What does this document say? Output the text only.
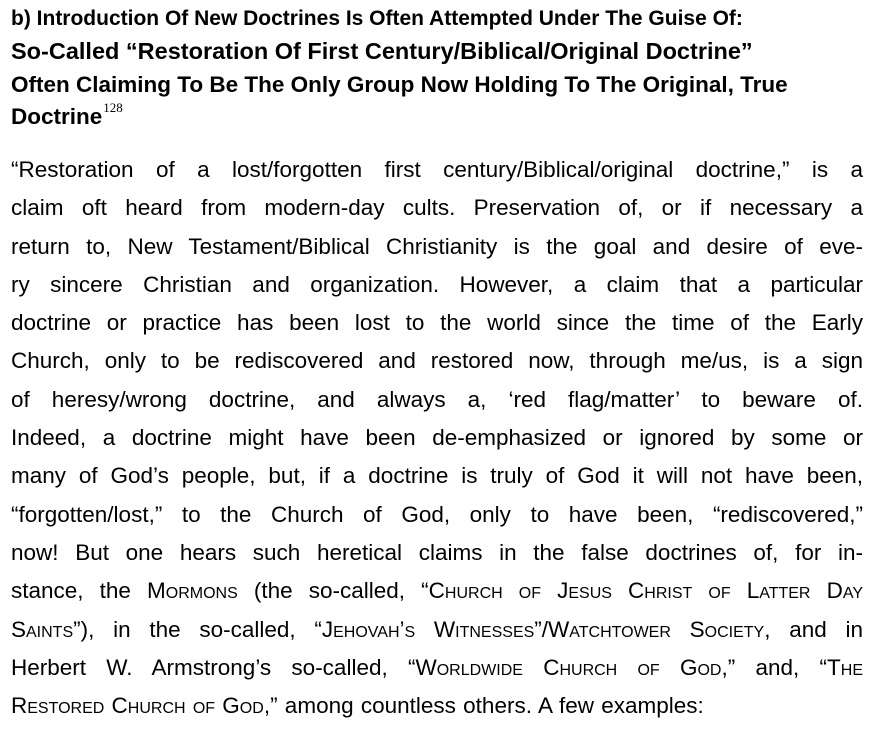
b) Introduction Of New Doctrines Is Often Attempted Under The Guise Of:
So-Called “Restoration Of First Century/Biblical/Original Doctrine”
Often Claiming To Be The Only Group Now Holding To The Original, True
Doctrine$^{128}$
“Restoration of a lost/forgotten first century/Biblical/original doctrine,” is a
claim oft heard from modern-day cults. Preservation of, or if necessary a
return to, New Testament/Biblical Christianity is the goal and desire of eve-
ry sincere Christian and organization. However, a claim that a particular
doctrine or practice has been lost to the world since the time of the Early
Church, only to be rediscovered and restored now, through me/us, is a sign
of heresy/wrong doctrine, and always a, ‘red flag/matter’ to beware of.
Indeed, a doctrine might have been de-emphasized or ignored by some or
many of God’s people, but, if a doctrine is truly of God it will not have been,
“forgotten/lost,” to the Church of God, only to have been, “rediscovered,”
now! But one hears such heretical claims in the false doctrines of, for in-
stance, the Mormons (the so-called, “Church of Jesus Christ of Latter Day
Saints”), in the so-called, “Jehovah’s Witnesses”/Watchtower Society, and in
Herbert W. Armstrong’s so-called, “Worldwide Church of God,” and, “The
Restored Church of God,” among countless others. A few examples:
